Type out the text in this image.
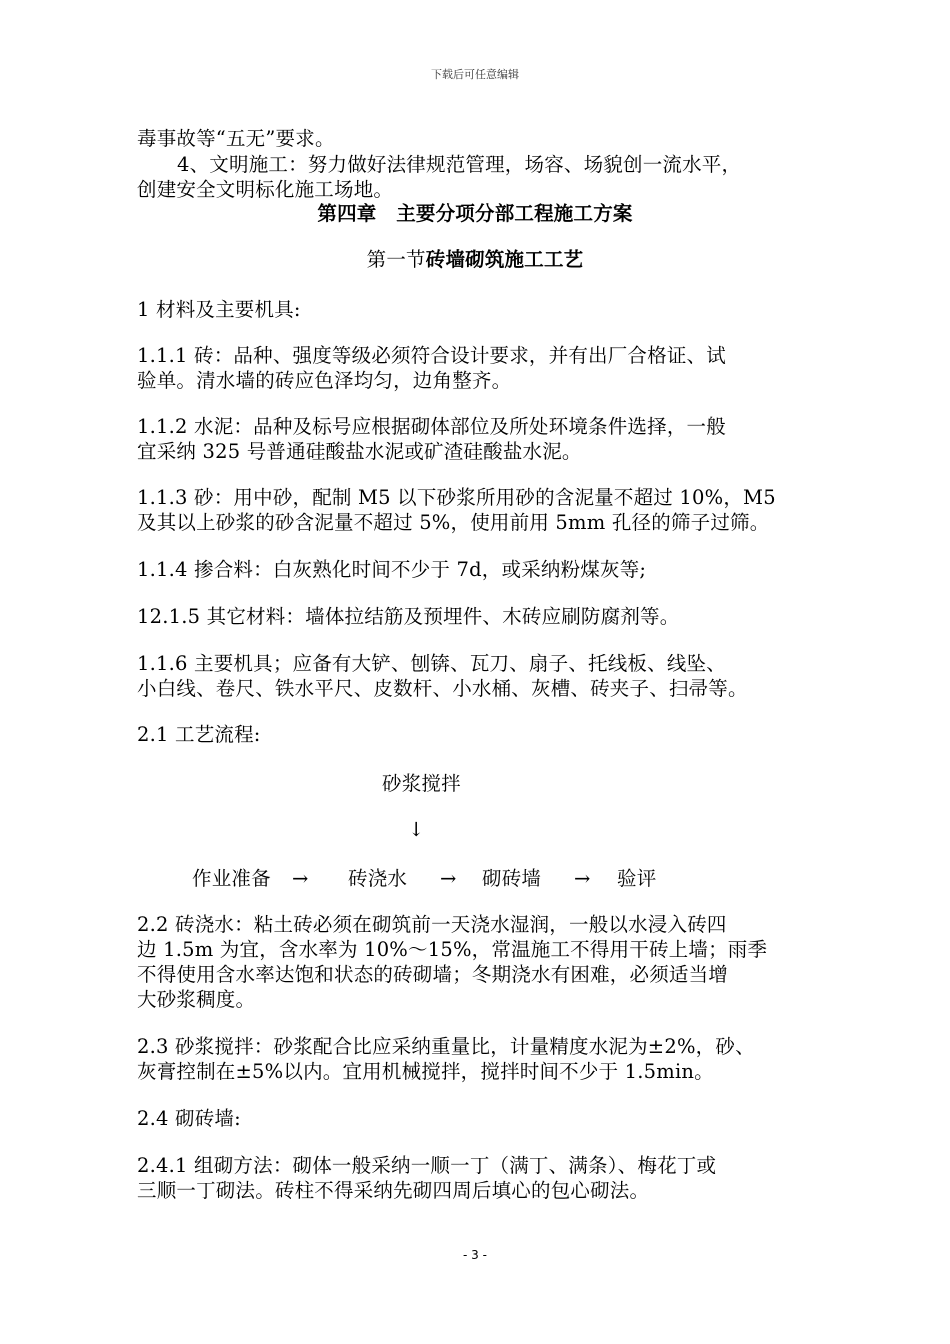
下载后可任意编辑
毒事故等“五无”要求。
4、文明施工：努力做好法律规范管理，场容、场貌创一流水平，
创建安全文明标化施工场地。
第四章　主要分项分部工程施工方案
第一节砖墙砌筑施工工艺
1 材料及主要机具:
1.1.1 砖：品种、强度等级必须符合设计要求，并有出厂合格证、试
验单。清水墙的砖应色泽均匀，边角整齐。
1.1.2 水泥：品种及标号应根据砌体部位及所处环境条件选择，一般
宜采纳 325 号普通硅酸盐水泥或矿渣硅酸盐水泥。
1.1.3 砂：用中砂，配制 M5 以下砂浆所用砂的含泥量不超过 10%，M5
及其以上砂浆的砂含泥量不超过 5%，使用前用 5mm 孔径的筛子过筛。
1.1.4 掺合料：白灰熟化时间不少于 7d，或采纳粉煤灰等;
12.1.5 其它材料：墙体拉结筋及预埋件、木砖应刷防腐剂等。
1.1.6 主要机具；应备有大铲、刨锛、瓦刀、扇子、托线板、线坠、
小白线、卷尺、铁水平尺、皮数杆、小水桶、灰槽、砖夹子、扫帚等。
2.1 工艺流程:
砂浆搅拌
↓
作业准备 → 砖浇水 → 砌砖墙 → 验评
2.2 砖浇水：粘土砖必须在砌筑前一天浇水湿润，一般以水浸入砖四
边 1.5m 为宜，含水率为 10%～15%，常温施工不得用干砖上墙；雨季
不得使用含水率达饱和状态的砖砌墙；冬期浇水有困难，必须适当增
大砂浆稠度。
2.3 砂浆搅拌：砂浆配合比应采纳重量比，计量精度水泥为±2%，砂、
灰膏控制在±5%以内。宜用机械搅拌，搅拌时间不少于 1.5min。
2.4 砌砖墙:
2.4.1 组砌方法：砌体一般采纳一顺一丁（满丁、满条）、梅花丁或
三顺一丁砌法。砖柱不得采纳先砌四周后填心的包心砌法。
- 3 -
